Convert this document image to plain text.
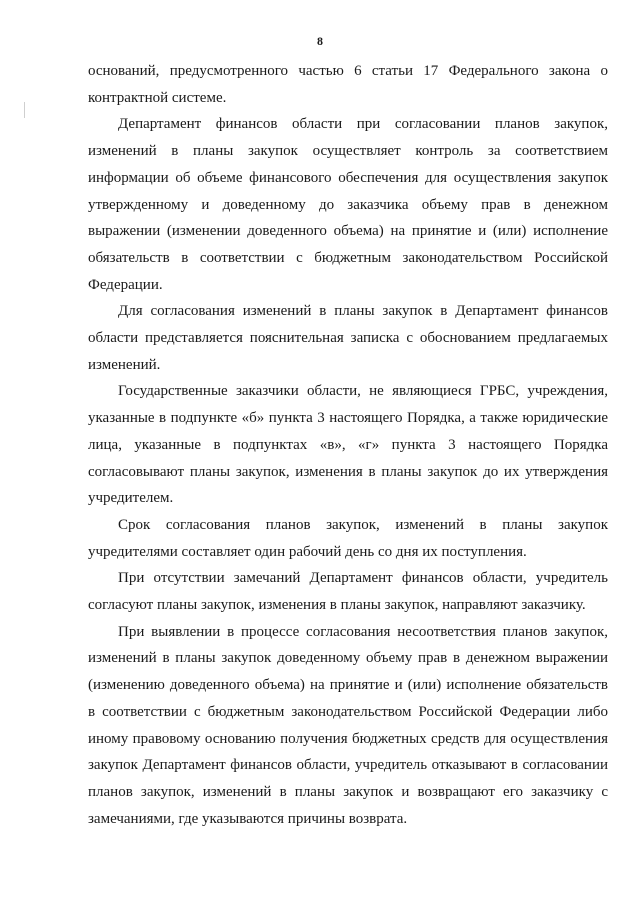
8

оснований, предусмотренного частью 6 статьи 17 Федерального закона о контрактной системе.

Департамент финансов области при согласовании планов закупок, изменений в планы закупок осуществляет контроль за соответствием информации об объеме финансового обеспечения для осуществления закупок утвержденному и доведенному до заказчика объему прав в денежном выражении (изменении доведенного объема) на принятие и (или) исполнение обязательств в соответствии с бюджетным законодательством Российской Федерации.

Для согласования изменений в планы закупок в Департамент финансов области представляется пояснительная записка с обоснованием предлагаемых изменений.

Государственные заказчики области, не являющиеся ГРБС, учреждения, указанные в подпункте «б» пункта 3 настоящего Порядка, а также юридические лица, указанные в подпунктах «в», «г» пункта 3 настоящего Порядка согласовывают планы закупок, изменения в планы закупок до их утверждения учредителем.

Срок согласования планов закупок, изменений в планы закупок учредителями составляет один рабочий день со дня их поступления.

При отсутствии замечаний Департамент финансов области, учредитель согласуют планы закупок, изменения в планы закупок, направляют заказчику.

При выявлении в процессе согласования несоответствия планов закупок, изменений в планы закупок доведенному объему прав в денежном выражении (изменению доведенного объема) на принятие и (или) исполнение обязательств в соответствии с бюджетным законодательством Российской Федерации либо иному правовому основанию получения бюджетных средств для осуществления закупок Департамент финансов области, учредитель отказывают в согласовании планов закупок, изменений в планы закупок и возвращают его заказчику с замечаниями, где указываются причины возврата.
